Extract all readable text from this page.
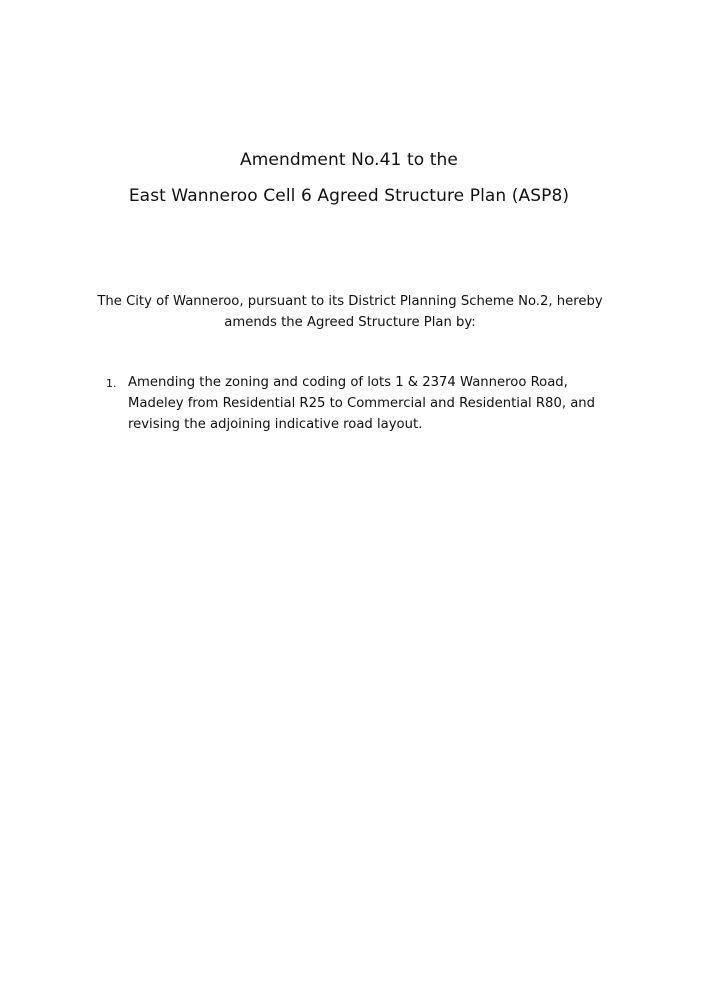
Amendment No.41 to the
East Wanneroo Cell 6 Agreed Structure Plan (ASP8)
The City of Wanneroo, pursuant to its District Planning Scheme No.2, hereby amends the Agreed Structure Plan by:
1. Amending the zoning and coding of lots 1 & 2374 Wanneroo Road, Madeley from Residential R25 to Commercial and Residential R80, and revising the adjoining indicative road layout.
